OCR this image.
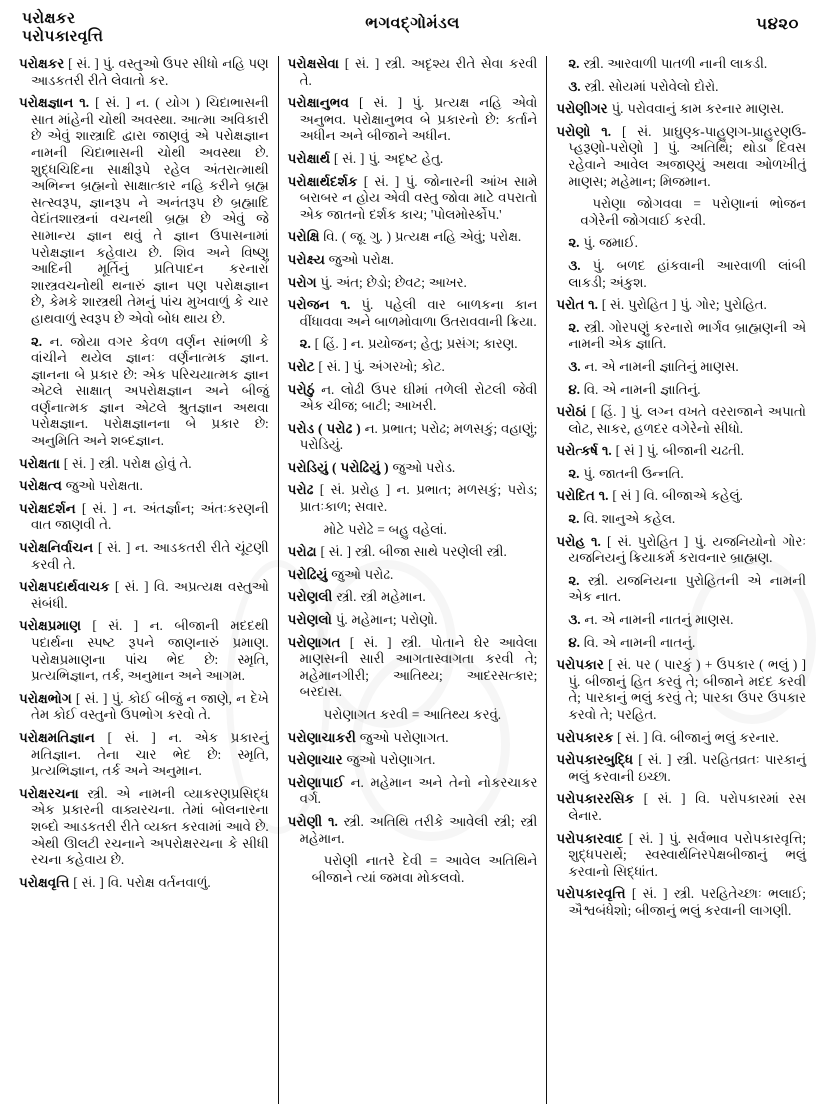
પરોક્ષકર
પરોપકારવૃત્તિ
ભગવદ્ગોમંડલ	૫૪૨૦

પરોક્ષકર [ સં. ] પું. વસ્તુઓ ઉપર સીધો નહિ પણ આડકતરી રીતે લેવાતો કર.

પરોક્ષજ્ઞાન ૧. [ સં. ] ન. ( યોગ ) ચિદાભાસની સાત માંહેની ચોથી અવસ્થા. આત્મા અવિકારી છે એવું શાસ્ત્રાદિ દ્વારા જાણવું એ પરોક્ષજ્ઞાન નામની ચિદાભાસની ચોથી અવસ્થા છે. શુદ્ધચિદિના સાક્ષીરૂપે રહેલ અંતરાત્માથી અભિન્ન બ્રહ્મનો સાક્ષાત્કાર નહિ કરીને બ્રહ્મ સત્સ્વરૂપ, જ્ઞાનરૂપ ને અનંતરૂપ છે બ્રહ્માદિ વેદાંતશાસ્ત્રનાં વચનથી બ્રહ્મ છે એવું જે સામાન્ય જ્ઞાન થવું તે જ્ઞાન ઉપાસનામાં પરોક્ષજ્ઞાન કહેવાય છે. શિવ અને વિષ્ણુ આદિની મૂર્તિનું પ્રતિપાદન કરનારાં શાસ્ત્રવચનોથી થનારું જ્ઞાન પણ પરોક્ષજ્ઞાન છે, કેમકે શાસ્ત્રથી તેમનું પાંચ મુખવાળું કે ચાર હાથવાળું સ્વરૂપ છે એવો બોધ થાય છે.

૨. ન. જોયા વગર કેવળ વર્ણન સાંભળી કે વાંચીને થયેલ જ્ઞાનઃ વર્ણનાત્મક જ્ઞાન. જ્ઞાનના બે પ્રકાર છે: એક પરિચયાત્મક જ્ઞાન એટલે સાક્ષાત્ અપરોક્ષજ્ઞાન અને બીજું વર્ણનાત્મક જ્ઞાન એટલે શ્રુતજ્ઞાન અથવા પરોક્ષજ્ઞાન. પરોક્ષજ્ઞાનના બે પ્રકાર છે: અનુમિતિ અને શબ્દજ્ઞાન.

પરોક્ષતા [ સં. ] સ્ત્રી. પરોક્ષ હોવું તે.

પરોક્ષત્વ જુઓ પરોક્ષતા.

પરોક્ષદર્શન [ સં. ] ન. અંતર્જ્ઞાન; અંતઃકરણની વાત જાણવી તે.

પરોક્ષનિર્વાચન [ સં. ] ન. આડકતરી રીતે ચૂંટણી કરવી તે.

પરોક્ષપદાર્થવાચક [ સં. ] વિ. અપ્રત્યક્ષ વસ્તુઓ સંબંધી.

પરોક્ષપ્રમાણ [ સં. ] ન. બીજાની મદદથી પદાર્થના સ્પષ્ટ રૂપને જાણનારું પ્રમાણ. પરોક્ષપ્રમાણના પાંચ ભેદ છે: સ્મૃતિ, પ્રત્યભિજ્ઞાન, તર્ક, અનુમાન અને આગમ.

પરોક્ષભોગ [ સં. ] પું. કોઈ બીજું ન જાણે, ન દેખે તેમ કોઈ વસ્તુનો ઉપભોગ કરવો તે.

પરોક્ષમતિજ્ઞાન [ સં. ] ન. એક પ્રકારનું મતિજ્ઞાન. તેના ચાર ભેદ છે: સ્મૃતિ, પ્રત્યભિજ્ઞાન, તર્ક અને અનુમાન.

પરોક્ષરચના સ્ત્રી. એ નામની વ્યાકરણપ્રસિદ્ધ એક પ્રકારની વાક્યરચના. તેમાં બોલનારના શબ્દો આડકતરી રીતે વ્યક્ત કરવામાં આવે છે. એથી ઊલટી રચનાને અપરોક્ષરચના કે સીધી રચના કહેવાય છે.

પરોક્ષવૃત્તિ [ સં. ] વિ. પરોક્ષ વર્તનવાળું.

પરોક્ષસેવા [ સં. ] સ્ત્રી. અદૃશ્ય રીતે સેવા કરવી તે.

પરોક્ષાનુભવ [ સં. ] પું. પ્રત્યક્ષ નહિ એવો અનુભવ. પરોક્ષાનુભવ બે પ્રકારનો છે: કર્તાને અધીન અને બીજાને અધીન.

પરોક્ષાર્થ [ સં. ] પું. અદૃષ્ટ હેતુ.

પરોક્ષાર્થદર્શક [ સં. ] પું. જોનારની આંખ સામે બરાબર ન હોય એવી વસ્તુ જોવા માટે વપરાતો એક જાતનો દર્શક કાચ; 'પોલમોર્સ્કોપ.'

પરોક્ષિ વિ. ( જૂ. ગુ. ) પ્રત્યક્ષ નહિ એવું; પરોક્ષ.

પરોક્ષ્ય જુઓ પરોક્ષ.

પરોગ પું. અંત; છેડો; છેવટ; આખર.

પરોજન ૧. પું. પહેલી વાર બાળકના કાન વીંધાવવા અને બાળમોવાળા ઉતરાવવાની ક્રિયા.

૨. [ હિં. ] ન. પ્રયોજન; હેતુ; પ્રસંગ; કારણ.

પરોટ [ સં. ] પું. અંગરખો; કોટ.

પરોઠું ન. લોઢી ઉપર ઘીમાં તળેલી રોટલી જેવી એક ચીજ; બાટી; આખરી.

પરોડ ( પરોઢ ) ન. પ્રભાત; પરોઢ; મળસકું; વહાણું; પરોડિયું.

પરોડિયું ( પરોઢિયું ) જુઓ પરોડ.

પરોઢ [ સં. પ્રરોહ ] ન. પ્રભાત; મળસકું; પરોડ; પ્રાતઃકાળ; સવાર.

મોટે પરોઢે = બહુ વહેલાં.

પરોઢા [ સં. ] સ્ત્રી. બીજા સાથે પરણેલી સ્ત્રી.

પરોઢિયું જુઓ પરોઢ.

પરોણલી સ્ત્રી. સ્ત્રી મહેમાન.

પરોણલો પું. મહેમાન; પરોણો.

પરોણાગત [ સં. ] સ્ત્રી. પોતાને ઘેર આવેલા માણસની સારી આગતાસ્વાગતા કરવી તે; મહેમાનગીરી; આતિથ્ય; આદરસત્કાર; બરદાસ.

પરોણાગત કરવી = આતિથ્ય કરવું.

પરોણાચાકરી જુઓ પરોણાગત.

પરોણાચાર જુઓ પરોણાગત.

પરોણાપાઈ ન. મહેમાન અને તેનો નોકરચાકર વર્ગ.

પરોણી ૧. સ્ત્રી. અતિથિ તરીકે આવેલી સ્ત્રી; સ્ત્રી મહેમાન.

પરોણી નાતરે દેવી = આવેલ અતિથિને બીજાને ત્યાં જમવા મોકલવો.

૨. સ્ત્રી. આરવાળી પાતળી નાની લાકડી.

૩. સ્ત્રી. સોયમાં પરોવેલો દોરો.

પરોણીગર પું. પરોવવાનું કામ કરનાર માણસ.

પરોણો ૧. [ સં. પ્રાઘુણ્ક-પાહુણગ-પ્રાહુરણઉ-પ્હરૂણો-પરોણો ] પું. અતિથિ; થોડા દિવસ રહેવાને આવેલ અજાણ્યું અથવા ઓળખીતું માણસ; મહેમાન; મિજમાન.

પરોણા જોગવવા = પરોણાનાં ભોજન વગેરેની જોગવાઈ કરવી.

૨. પું. જમાઈ.

૩. પું. બળદ હાંકવાની આરવાળી લાંબી લાકડી; અંકુશ.

પરોત ૧. [ સં. પુરોહિત ] પું. ગોર; પુરોહિત.

૨. સ્ત્રી. ગોરપણું કરનારો ભાર્ગવ બ્રાહ્મણની એ નામની એક જ્ઞાતિ.

૩. ન. એ નામની જ્ઞાતિનું માણસ.

૪. વિ. એ નામની જ્ઞાતિનું.

પરોઠાં [ હિં. ] પું. લગ્ન વખતે વરરાજાને અપાતો લોટ, સાકર, હળદર વગેરેનો સીધો.

પરોત્કર્ષ ૧. [ સં ] પું. બીજાની ચઢતી.

૨. પું. જાતની ઉન્નતિ.

પરોદિત ૧. [ સં ] વિ. બીજાએ કહેલું.

૨. વિ. શાનુએ કહેલ.

પરોહ ૧. [ સં. પુરોહિત ] પું. યજનિયોનો ગોરઃ યજનિયનું ક્રિયાકર્મ કરાવનાર બ્રાહ્મણ.

૨. સ્ત્રી. યજનિયના પુરોહિતની એ નામની એક નાત.

૩. ન. એ નામની નાતનું માણસ.

૪. વિ. એ નામની નાતનું.

પરોપકાર [ સં. પર ( પારકું ) + ઉપકાર ( ભલું ) ] પું. બીજાનું હિત કરવું તે; બીજાને મદદ કરવી તે; પારકાનું ભલું કરવું તે; પારકા ઉપર ઉપકાર કરવો તે; પરહિત.

પરોપકારક [ સં. ] વિ. બીજાનું ભલું કરનાર.

પરોપકારબુદ્ધિ [ સં. ] સ્ત્રી. પરહિતવ્રતઃ પારકાનું ભલું કરવાની ઇચ્છા.

પરોપકારરસિક [ સં. ] વિ. પરોપકારમાં રસ લેનાર.

પરોપકારવાદ [ સં. ] પું. સર્વભાવ પરોપકારવૃત્તિ; શુદ્ધપરાર્થે; સ્વસ્વાર્થનિરપેક્ષબીજાનું ભલું કરવાનો સિદ્ધાંત.

પરોપકારવૃત્તિ [ સં. ] સ્ત્રી. પરહિતેચ્છાઃ ભલાઈ; ઐશ્વબંધેશો; બીજાનું ભલું કરવાની લાગણી.
